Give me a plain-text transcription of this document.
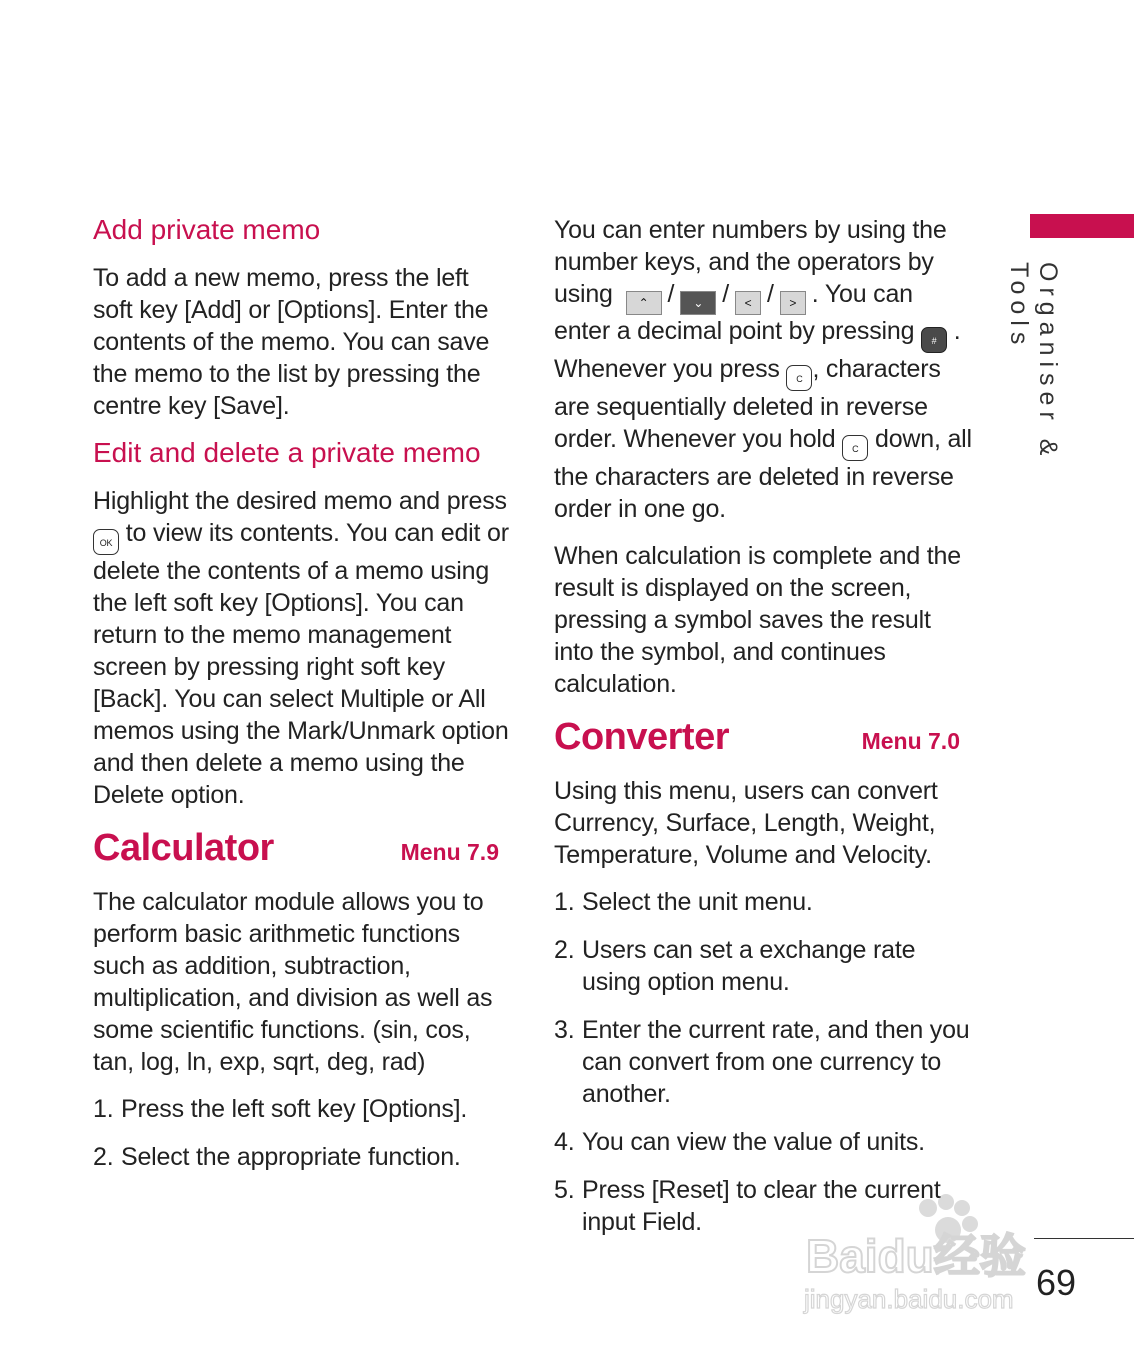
Add private memo

To add a new memo, press the left soft key [Add] or [Options]. Enter the contents of the memo. You can save the memo to the list by pressing the centre key [Save].

Edit and delete a private memo

Highlight the desired memo and press OK to view its contents. You can edit or delete the contents of a memo using the left soft key [Options]. You can return to the memo management screen by pressing right soft key [Back]. You can select Multiple or All memos using the Mark/Unmark option and then delete a memo using the Delete option.

Calculator	Menu 7.9

The calculator module allows you to perform basic arithmetic functions such as addition, subtraction, multiplication, and division as well as some scientific functions. (sin, cos, tan, log, ln, exp, sqrt, deg, rad)

1. Press the left soft key [Options].
2. Select the appropriate function.

You can enter numbers by using the number keys, and the operators by using ⌃ / ⌄ / < / > . You can enter a decimal point by pressing # . Whenever you press C , characters are sequentially deleted in reverse order. Whenever you hold C down, all the characters are deleted in reverse order in one go.

When calculation is complete and the result is displayed on the screen, pressing a symbol saves the result into the symbol, and continues calculation.

Converter	Menu 7.0

Using this menu, users can convert Currency, Surface, Length, Weight, Temperature, Volume and Velocity.

1. Select the unit menu.
2. Users can set a exchange rate using option menu.
3. Enter the current rate, and then you can convert from one currency to another.
4. You can view the value of units.
5. Press [Reset] to clear the current input Field.
Organiser & Tools
69
Baidu经验
jingyan.baidu.com
